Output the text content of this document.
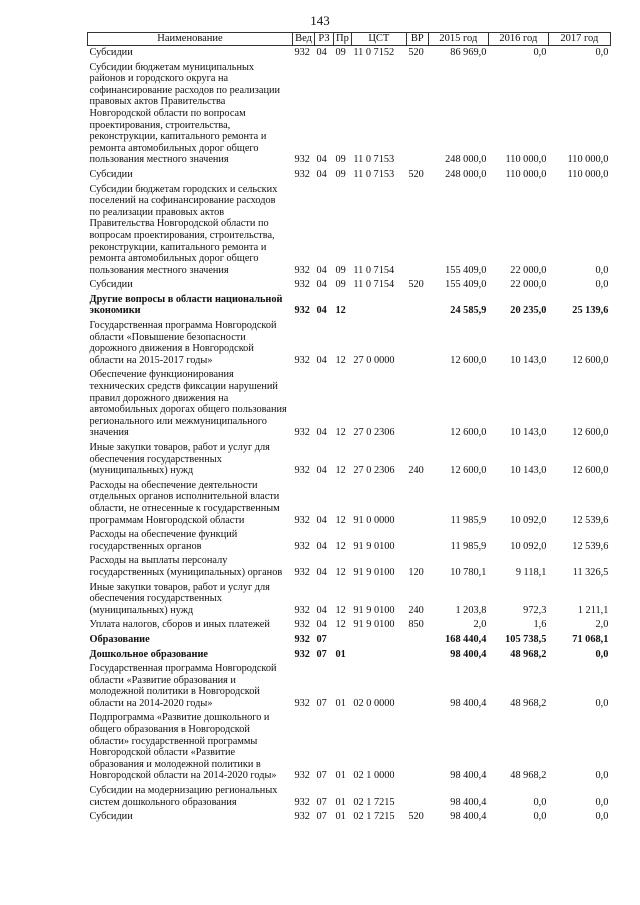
143
Наименование	Вед	РЗ	Пр	ЦСТ	ВР	2015 год	2016 год	2017 год
Субсидии	932	04	09	11 0 7152	520	86 969,0	0,0	0,0
Субсидии бюджетам муниципальных районов и городского округа на софинансирование расходов по реализации правовых актов Правительства Новгородской области по вопросам проектирования, строительства, реконструкции, капитального ремонта и ремонта автомобильных дорог общего пользования местного значения	932	04	09	11 0 7153		248 000,0	110 000,0	110 000,0
Субсидии	932	04	09	11 0 7153	520	248 000,0	110 000,0	110 000,0
Субсидии бюджетам городских и сельских поселений на софинансирование расходов по реализации правовых актов Правительства Новгородской области по вопросам проектирования, строительства, реконструкции, капитального ремонта и ремонта автомобильных дорог общего пользования местного значения	932	04	09	11 0 7154		155 409,0	22 000,0	0,0
Субсидии	932	04	09	11 0 7154	520	155 409,0	22 000,0	0,0
Другие вопросы в области национальной экономики	932	04	12			24 585,9	20 235,0	25 139,6
Государственная программа Новгородской области «Повышение безопасности дорожного движения в Новгородской области на 2015-2017 годы»	932	04	12	27 0 0000		12 600,0	10 143,0	12 600,0
Обеспечение функционирования технических средств фиксации нарушений правил дорожного движения на автомобильных дорогах общего пользования регионального или межмуниципального значения	932	04	12	27 0 2306		12 600,0	10 143,0	12 600,0
Иные закупки товаров, работ и услуг для обеспечения государственных (муниципальных) нужд	932	04	12	27 0 2306	240	12 600,0	10 143,0	12 600,0
Расходы на обеспечение деятельности отдельных органов исполнительной власти области, не отнесенные к государственным программам Новгородской области	932	04	12	91 0 0000		11 985,9	10 092,0	12 539,6
Расходы на обеспечение функций государственных органов	932	04	12	91 9 0100		11 985,9	10 092,0	12 539,6
Расходы на выплаты персоналу государственных (муниципальных) органов	932	04	12	91 9 0100	120	10 780,1	9 118,1	11 326,5
Иные закупки товаров, работ и услуг для обеспечения государственных (муниципальных) нужд	932	04	12	91 9 0100	240	1 203,8	972,3	1 211,1
Уплата налогов, сборов и иных платежей	932	04	12	91 9 0100	850	2,0	1,6	2,0
Образование	932	07				168 440,4	105 738,5	71 068,1
Дошкольное образование	932	07	01			98 400,4	48 968,2	0,0
Государственная программа Новгородской области «Развитие образования и молодежной политики в Новгородской области на 2014-2020 годы»	932	07	01	02 0 0000		98 400,4	48 968,2	0,0
Подпрограмма «Развитие дошкольного и общего образования в Новгородской области» государственной программы Новгородской области «Развитие образования и молодежной политики в Новгородской области на 2014-2020 годы»	932	07	01	02 1 0000		98 400,4	48 968,2	0,0
Субсидии на модернизацию региональных систем дошкольного образования	932	07	01	02 1 7215		98 400,4	0,0	0,0
Субсидии	932	07	01	02 1 7215	520	98 400,4	0,0	0,0
